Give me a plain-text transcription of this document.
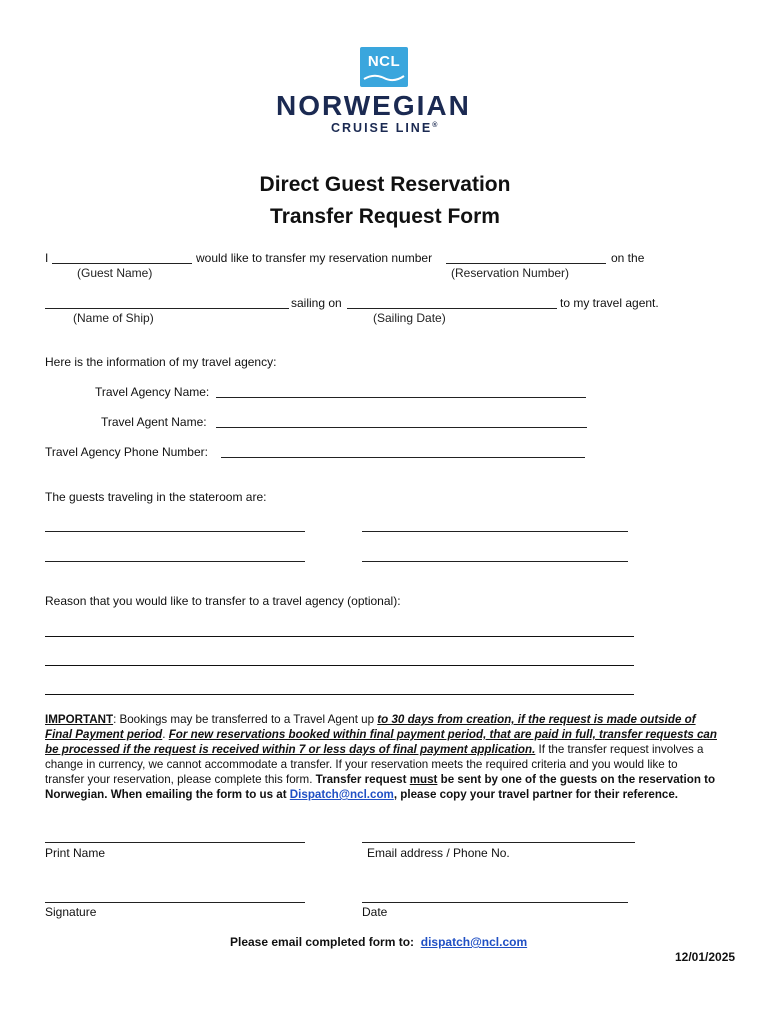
NCL
NORWEGIAN
CRUISE LINE®
Direct Guest Reservation
Transfer Request Form
I	would like to transfer my reservation number	on the
(Guest Name)	(Reservation Number)
sailing on	to my travel agent.
(Name of Ship)	(Sailing Date)
Here is the information of my travel agency:
Travel Agency Name:
Travel Agent Name:
Travel Agency Phone Number:
The guests traveling in the stateroom are:
Reason that you would like to transfer to a travel agency (optional):
IMPORTANT: Bookings may be transferred to a Travel Agent up to 30 days from creation, if the request is made outside of Final Payment period. For new reservations booked within final payment period, that are paid in full, transfer requests can be processed if the request is received within 7 or less days of final payment application. If the transfer request involves a change in currency, we cannot accommodate a transfer. If your reservation meets the required criteria and you would like to transfer your reservation, please complete this form. Transfer request must be sent by one of the guests on the reservation to Norwegian. When emailing the form to us at Dispatch@ncl.com, please copy your travel partner for their reference.
Print Name	Email address / Phone No.
Signature	Date
Please email completed form to: dispatch@ncl.com
12/01/2025
